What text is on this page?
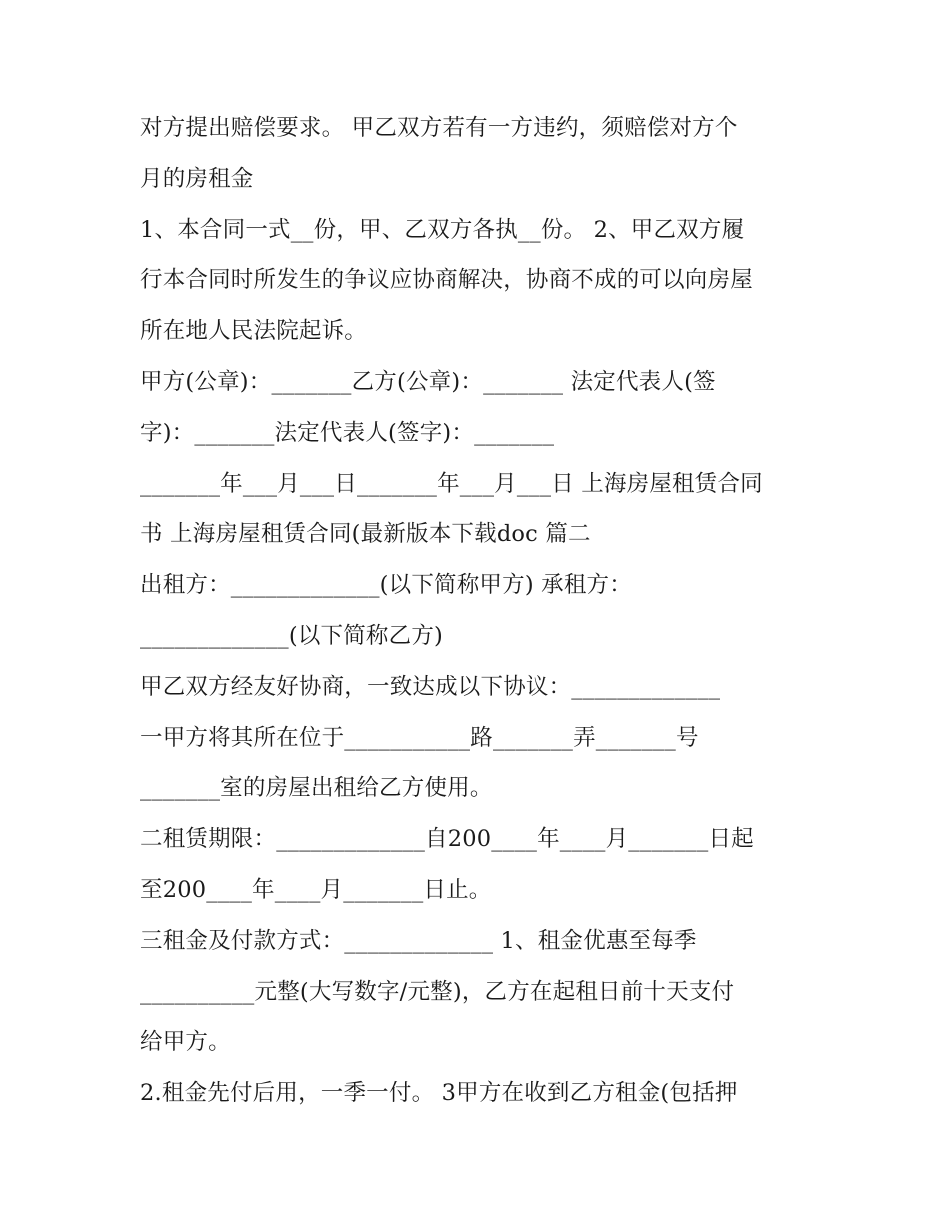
对方提出赔偿要求。 甲乙双方若有一方违约，须赔偿对方个
月的房租金
1、本合同一式__份，甲、乙双方各执__份。 2、甲乙双方履
行本合同时所发生的争议应协商解决，协商不成的可以向房屋
所在地人民法院起诉。
甲方(公章)：_______乙方(公章)：_______ 法定代表人(签
字)：_______法定代表人(签字)：_______
_______年___月___日_______年___月___日 上海房屋租赁合同
书 上海房屋租赁合同(最新版本下载doc 篇二
出租方：_____________(以下简称甲方) 承租方：
_____________(以下简称乙方)
甲乙双方经友好协商，一致达成以下协议：_____________
一甲方将其所在位于___________路_______弄_______号
_______室的房屋出租给乙方使用。
二租赁期限：_____________自200____年____月_______日起
至200____年____月_______日止。
三租金及付款方式：_____________ 1、租金优惠至每季
__________元整(大写数字/元整)，乙方在起租日前十天支付
给甲方。
2.租金先付后用，一季一付。 3甲方在收到乙方租金(包括押
